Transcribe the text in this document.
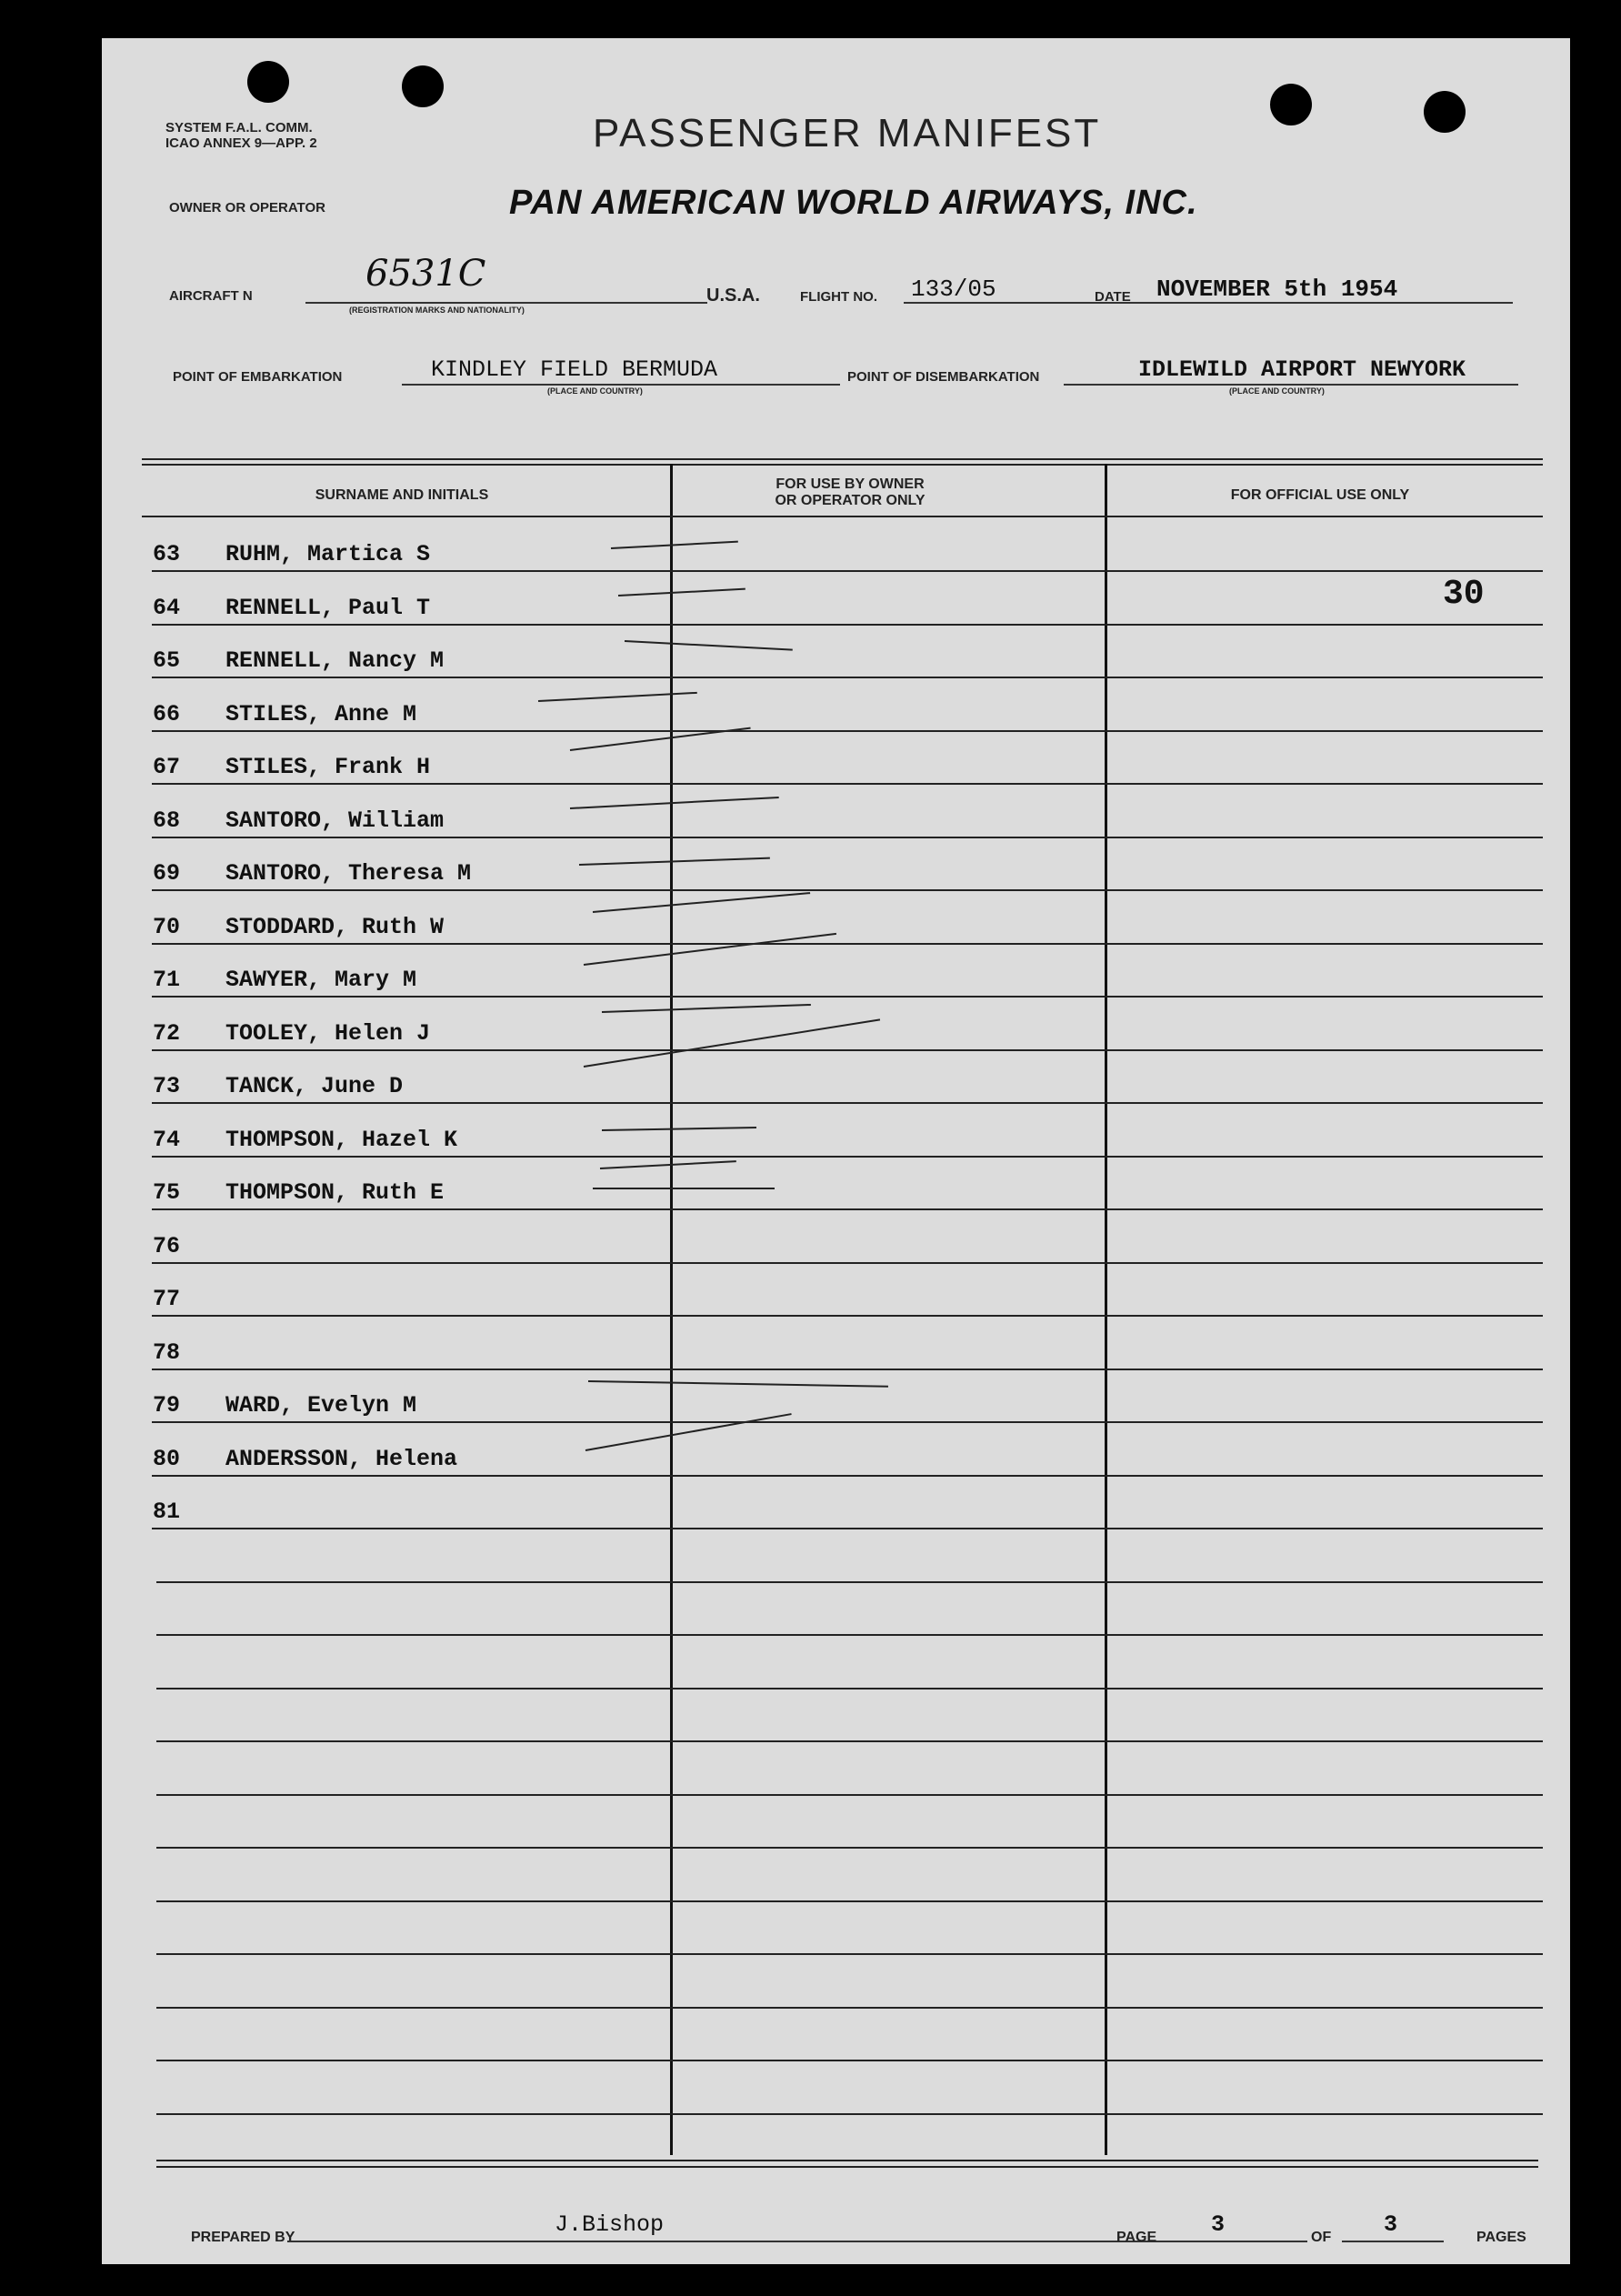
SYSTEM F.A.L. COMM.
ICAO ANNEX 9—APP. 2
OWNER OR OPERATOR
PASSENGER MANIFEST
PAN AMERICAN WORLD AIRWAYS, INC.
AIRCRAFT N
6531C
(REGISTRATION MARKS AND NATIONALITY)
U.S.A.	FLIGHT NO. 133/05	DATE NOVEMBER 5th 1954
POINT OF EMBARKATION	KINDLEY FIELD BERMUDA
(PLACE AND COUNTRY)
POINT OF DISEMBARKATION	IDLEWILD AIRPORT NEWYORK
(PLACE AND COUNTRY)
SURNAME AND INITIALS
FOR USE BY OWNER OR OPERATOR ONLY	FOR OFFICIAL USE ONLY
63	RUHM, Martica S
64	RENNELL, Paul T
65	RENNELL, Nancy M
66	STILES, Anne M
67	STILES, Frank H
68	SANTORO, William
69	SANTORO, Theresa M
70	STODDARD, Ruth W
71	SAWYER, Mary M
72	TOOLEY, Helen J
73	TANCK, June D
74	THOMPSON, Hazel K
75	THOMPSON, Ruth E
76
77
78
79	WARD, Evelyn M
80	ANDERSSON, Helena
81
30
PREPARED BY	J.Bishop	PAGE 3	OF 3	PAGES
